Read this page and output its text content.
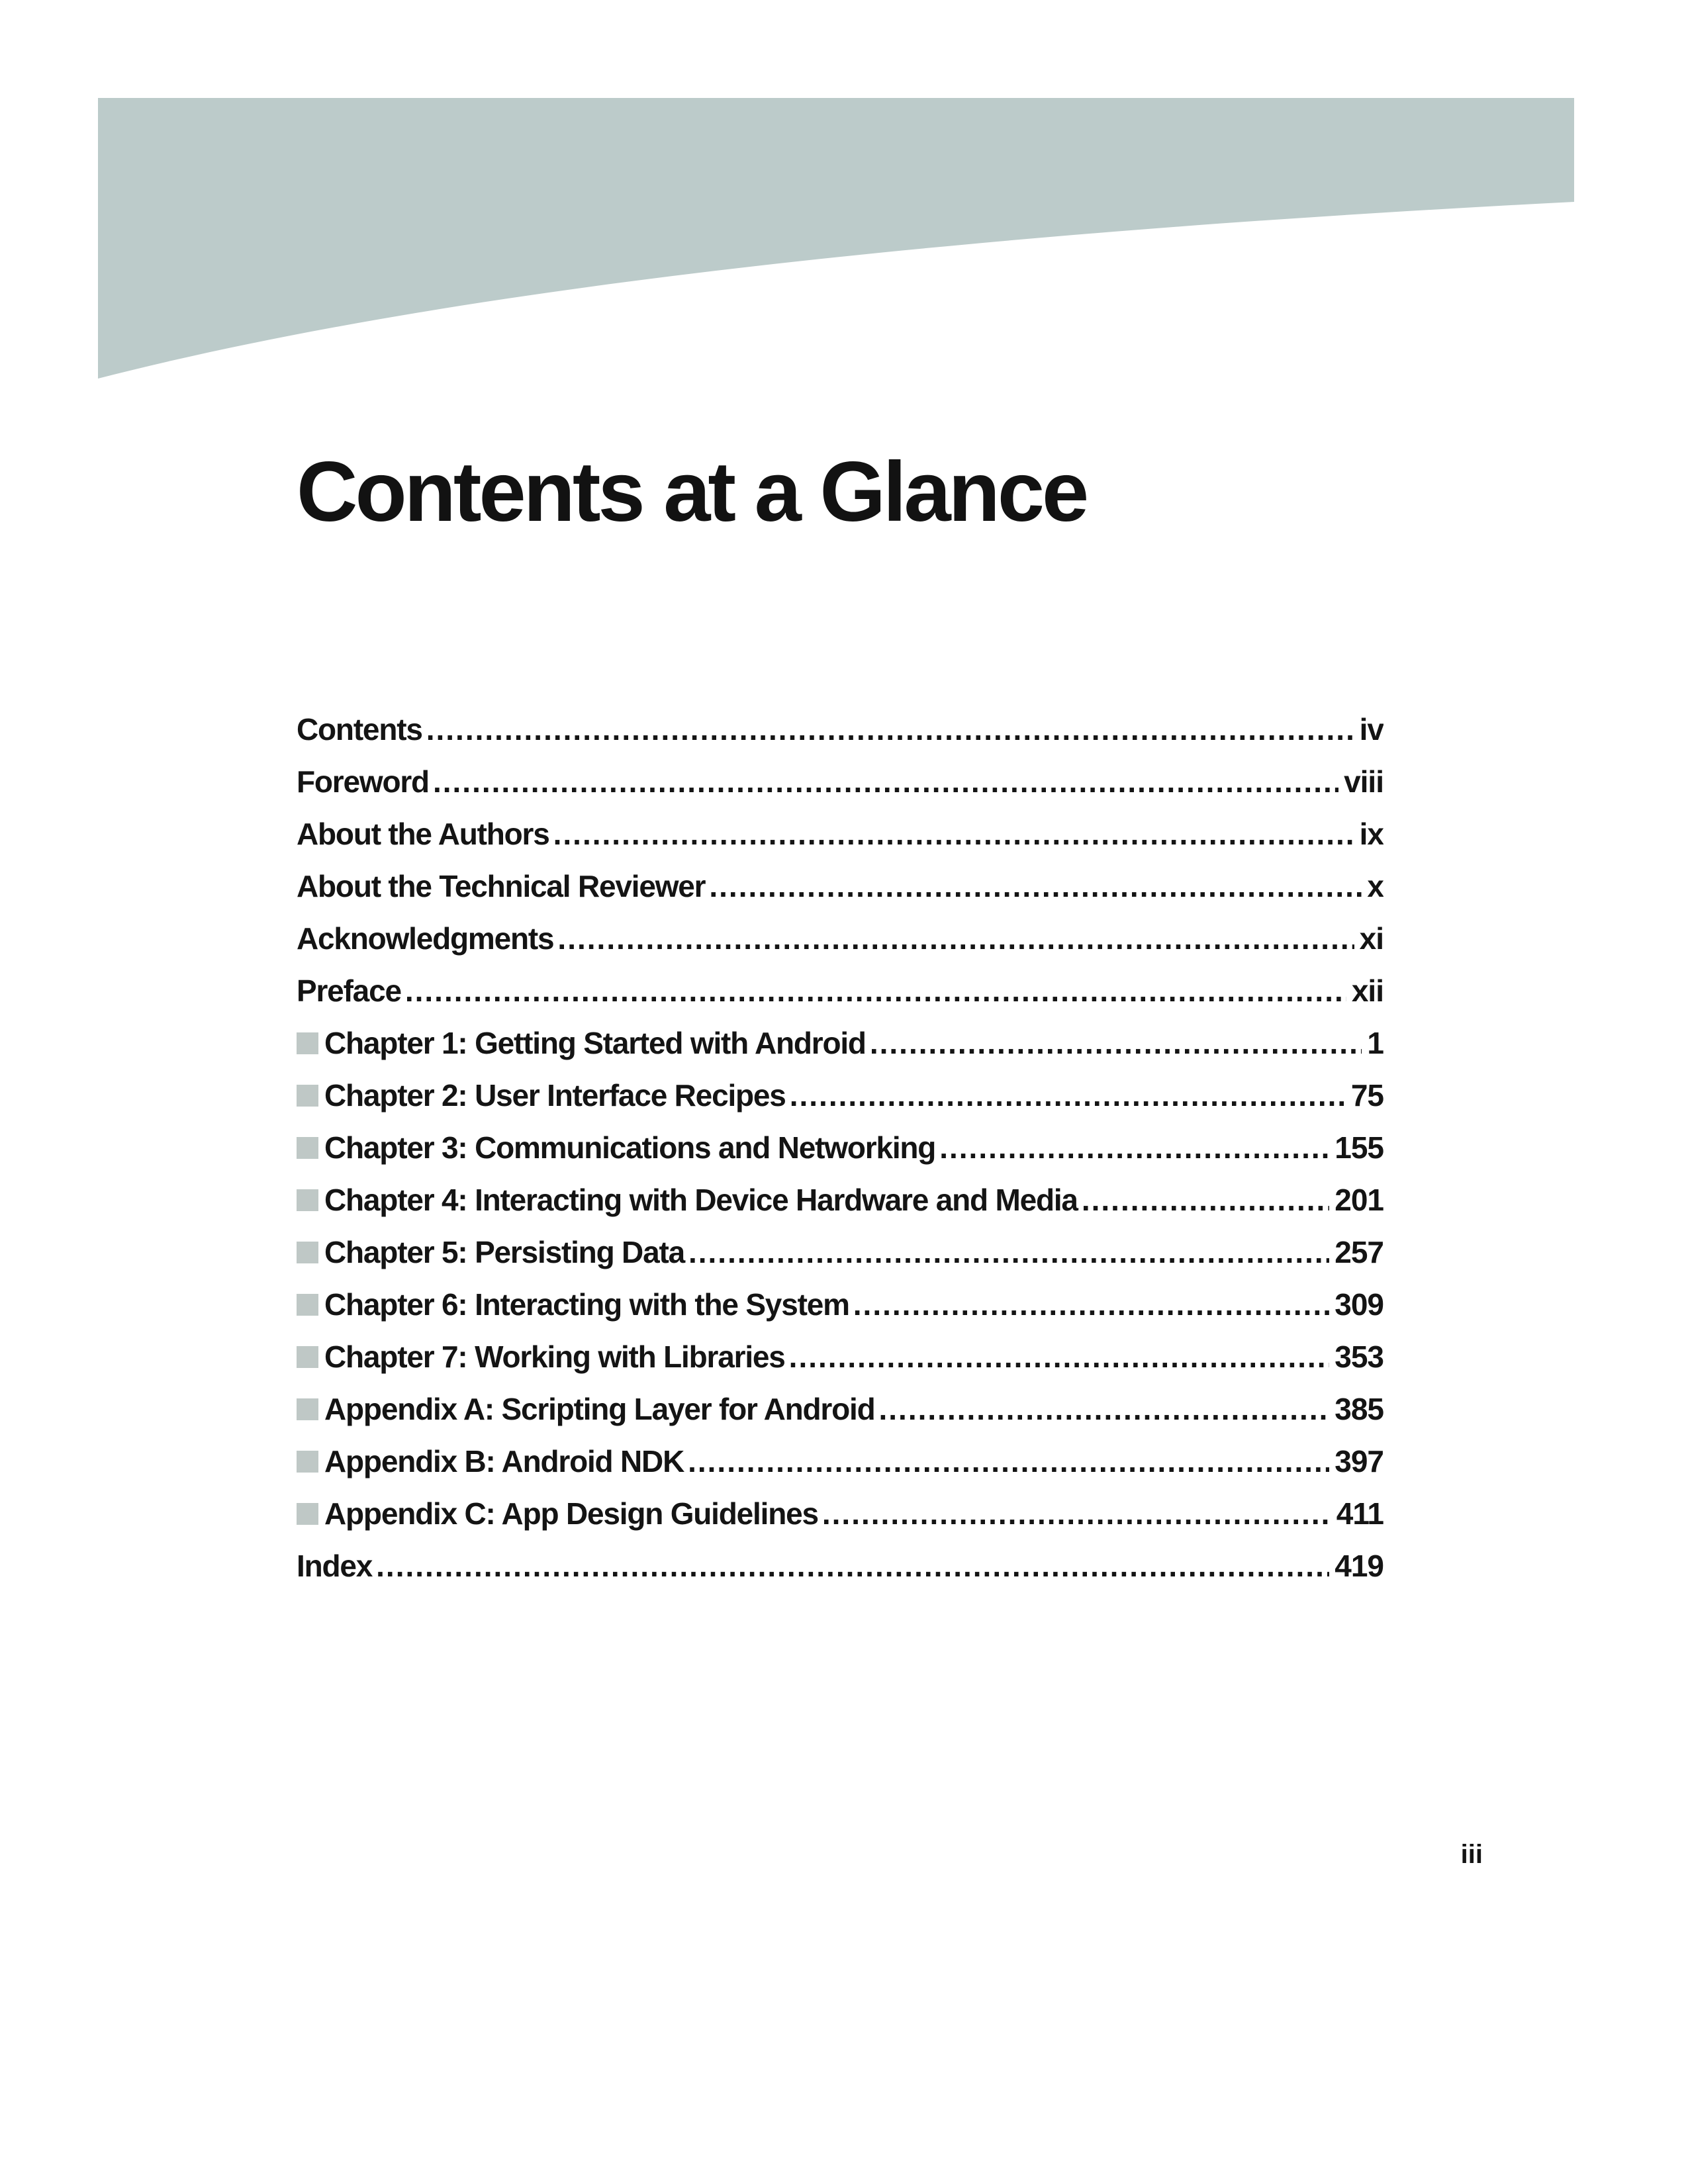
Contents at a Glance
Contents .....	iv
Foreword .....	viii
About the Authors .....	ix
About the Technical Reviewer .....	x
Acknowledgments .....	xi
Preface .....	xii
Chapter 1: Getting Started with Android .....	1
Chapter 2: User Interface Recipes .....	75
Chapter 3: Communications and Networking .....	155
Chapter 4: Interacting with Device Hardware and Media .....	201
Chapter 5: Persisting Data .....	257
Chapter 6: Interacting with the System .....	309
Chapter 7: Working with Libraries .....	353
Appendix A: Scripting Layer for Android .....	385
Appendix B: Android NDK .....	397
Appendix C: App Design Guidelines .....	411
Index .....	419
iii
